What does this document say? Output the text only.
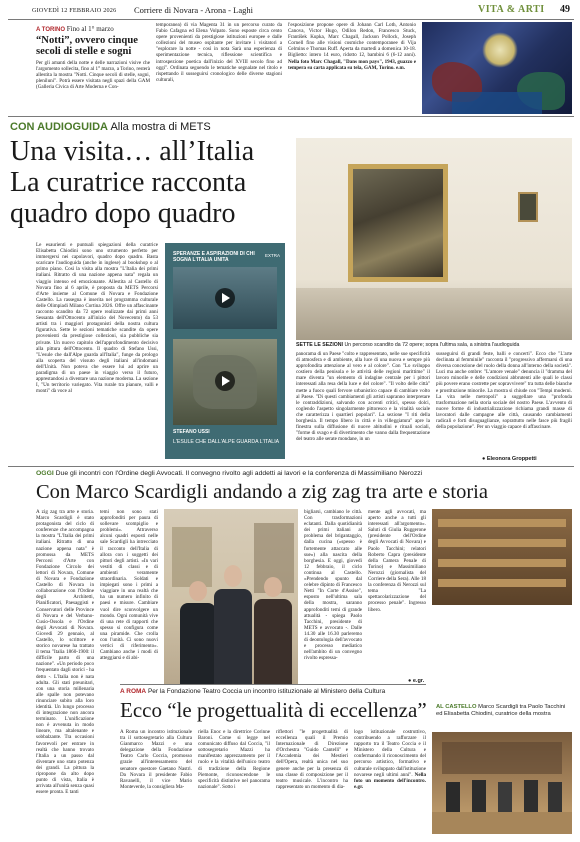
GIOVEDÌ 12 FEBBRAIO 2026 Corriere di Novara - Arona - Laghi	VITA & ARTI 49
A TORINO Fino al 1° marzo
“Notti”, ovvero cinque secoli di stelle e sogni
Per gli amanti della notte e delle narrazioni visive che l'argomento sollecita, fino al 1° marzo, a Torino, resterà allestita la mostra "Notti. Cinque secoli di stelle, sogni, pleniluni". Potrà essere visitata negli spazi della GAM (Galleria Civica di Arte Moderna e Con-
temporanea) di via Magenta 31 in un percorso curato da Fabio Cafagna ed Elena Volpato. Sono esposte circa cento opere provenienti da prestigiose istituzioni europee e dalle collezioni del museo ospitante per invitare i visitatori a "esplorare la notte - così in nota Sarà una esperienza di sperimentazione tecnica, riflessione scientifica e introspezione poetica dall'inizio del XVIII secolo fino ad oggi". Ordinata seguendo le tematiche segnalate nel titolo e rispettando il susseguirsi cronologico delle diverse stagioni culturali,
l'esposizione propone opere di Johann Carl Loth, Antonio Canova, Victor Hugo, Odilon Redon, Francesco Stuck, František Kupka, Marc Chagall, Jackson Pollock, Joseph Cornell fino alle visioni cosmiche contemporanee di Vija Celmins e Thomas Ruff. Aperta da martedì a domenica 10-18. Biglietto: intero 14 euro, ridotto 12, bambini 6 (6-12 anni). Nella foto Marc Chagall, "Dans mon pays", 1943, guazzo e tempera su carta applicata su tela, GAM, Torino. e.m.
CON AUDIOGUIDA Alla mostra di METS
Una visita… all’Italia
La curatrice racconta
quadro dopo quadro
Le esaurienti e puntuali spiegazioni della curatrice Elisabetta Chiodini sono uno strumento perfetto per immergersi nei capolavori, quadro dopo quadro. Basta scaricare l'audioguida (anche in inglese) al bookshop o al primo piano. Così la visita alla mostra "L'Italia dei primi italiani. Ritratto di una nazione appena nata" regala un viaggio intenso ed emozionante. Allestita al Castello di Novara fino al 6 aprile, è proposta da METS Percorsi d'Arte insieme al Comune di Novara e Fondazione Castello. La rassegna è inserita nel programma culturale delle Olimpiadi Milano Cortina 2026. Offre un affascinante racconto scandito da 72 opere realizzate dai primi anni Sessanta dell'Ottocento all'inizio del Novecento) da 53 artisti tra i maggiori protagonisti della nostra cultura figurativa. Sette le sezioni tematiche scandite da opere provenienti da prestigiose collezioni, sia pubbliche sia private. Un nuovo capitolo dell'approfondimento decisivo alla pittura dell'Ottocento. Il quadro di Stefano Ussi, "L'esule che dall'Alpe guarda all'Italia", funge da prologo alla scoperta del vissuto degli italiani all'indomani dell'Unità. Non poteva che essere lui ad aprire un paradigma di un paese in viaggio verso il futuro, apprestandosi a diventare una nazione moderna. La sezione I, "Un territorio variegato. Vita rurale tra pianure, valli e monti" dà voce al
SPERANZE E ASPIRAZIONI DI CHI SOGNA L'ITALIA UNITA
EXTRA
STEFANO USSI
L'ESULE CHE DALL'ALPE GUARDA L'ITALIA
SETTE LE SEZIONI Un percorso scandito da 72 opere; sopra l'ultima sala, a sinistra l'audioguida
panorama di un Paese "colto e rappresentato, nelle sue specificità di atmosfera e di ambiente, alla luce di una nuova e sempre più approfondita attenzione al vero e al colore". Con "Lo sviluppo costiero della penisola e le attività delle regioni marittime" il mare diventa "un elemento di indagine centrale per i pittori interessati alla resa della luce e del colore". "Il volto delle città" mette a fuoco quali fervore urbanistico capace di cambiare volto al Paese. "Di questi cambiamenti gli artisti sapranno interpretare le contraddizioni, salvando con accenti critici, spesso dolci, coglendo l'aspetto singolarmente pittoresco e la vitalità sociale che caratterizza i quartieri popolari". La sezione "I riti della borghesia. Il tempo libero in città e in villeggiatura" apre la finestra sulla diffusione di nuove abitudini e rituali sociali, "forme di svago e di divertimento che vanno dalla frequentazione del teatro alle serate mondane, in un
susseguirsi di grandi feste, balli e concerti". Ecco che "L'arte declinata al femminile" racconta il "progressivo affermarsi di una diversa concezione del ruolo della donna all'interno della società". Luci ma anche ombre: "L'amore venale" denuncia il "dramma del lavoro minorile e delle condizioni abbrutenti alle quali le classi più povere erano costrette per sopravvivere" tra tutta delle bianche e prostituzione minorile. La mostra si chiude con "Tempi moderni. La vita nelle metropoli" a suggellare una "profonda trasformazione nella storia sociale del nostro Paese. L'avvento di nuove forme di industrializzazione richiama grandi masse di lavoratori dalle campagne alle città, causando cambiamenti radicali e forti disuguaglianze, soprattutto nelle fasce più fragili della popolazione". Per un viaggio capace di affascinare.
● Eleonora Groppetti
OGGI Due gli incontri con l'Ordine degli Avvocati. Il convegno rivolto agli addetti ai lavori e la conferenza di Massimiliano Nerozzi
Con Marco Scardigli andando a zig zag tra arte e storia
A zig zag tra arte e storia. Marco Scardigli è stato protagonista del ciclo di conferenze che accompagna la mostra "L'Italia dei primi italiani. Ritratto di una nazione appena nata" è promossa da METS Percorsi d'Arte con Fondazione Circolo dei lettori di Novara, Comune di Novara e Fondazione Castello di Novara in collaborazione con l'Ordine degli Architetti, Pianificatori, Paesaggisti e Conservatori delle Province di Novara e del Verbano-Cusio-Ossola e l'Ordine degli Avvocati di Novara. Giovedì 29 gennaio, al Castello, lo scrittore e storico novarese ha trattato il tema "Italia 1860-1900: il difficile parto di una nazione". «Un periodo poco frequentato dagli storici - ha detto -. L'Italia non è nata adulta. Gli stati preunitari, con una storia millenaria alle spalle non potevano rinunciare subito alla loro identità. Un lungo processo di integrazione non ancora terminato. L'unificazione non è avvenuta in modo lineare, ma altalenante e sobbalzante. Tra occasioni favorevoli per entrare in realtà che hanno trovato l'Italia a un passo dal diventare uno stato potenza dei grandi. La pittura la ripropone da alto dopo punto di vista, Italia è arrivata all'unità senza quasi essere pronta. E tanti
temi non sono stati approfonditi per paura di sollevare scompiglio e problemi». Attraverso alcuni quadri esposti nelle sale Scardigli ha intrecciato il racconto dell'Italia di allora con i soggetti dei pittori degli artisti. «In vari vestiti di classi e di ambienti veramente straordinaria. Soldati e impiegati sono i primi a viaggiare in una realtà che ha un numero infinito di paesi e misure. Cambiare vuol dire sconvolgere un mondo. Ogni comunità vive di una rete di rapporti che spesso si configura come una piramide. Che crolla con l'unità. Ci sono nuovi vertici di riferimento». Cambiano anche i modi di atteggiarsi e di abi-
bigliarsi, cambiano le città. Con trasformazioni eclatanti. Dalla quotidianità dei primi italiani al problema del brigantaggio, dalla cucina («spesso è fortemente attaccato alle sue») alla nascita della borghesia. E oggi, giovedì 12 febbraio, il ciclo continua al Castello. «Prendendo spunto dal celebre dipinto di Francesco Netti "In Corte d'Assise", esposto nell'ultima sala della mostra, saranno approfonditi temi di grande attualità - spiega Paolo Tacchini, presidente di METS e avvocato -. Dalle 14.30 alle 16.30 parleremo di deontologia dell'avvocato e processo mediatico nell'ambito di un convegno rivolto espressa-
mente agli avvocati, ma aperto anche a tutti gli interessati all'argomento». Saluti di Giulia Ruggerone (presidente dell'Ordine degli Avvocati di Novara) e Paolo Tacchini; relatori Roberto Capra (presidente della Camera Penale di Torino) e Massimiliano Nerozzi (giornalista del Corriere della Sera). Alle 18 la conferenza di Nerozzi sul tema "La spettacolarizzazione del processo penale". Ingresso libero.
● e.gr.
AL CASTELLO Marco Scardigli tra Paolo Tacchini ed Elisabetta Chiodini, curatrice della mostra
A ROMA Per la Fondazione Teatro Coccia un incontro istituzionale al Ministero della Cultura
Ecco “le progettualità di eccellenza”
A Roma un incontro istituzionale tra il sottosegretario alla Cultura Gianmarco Mazzi e una delegazione della Fondazione Teatro Carlo Coccia, promosso grazie all'interessamento del senatore questore Gaetano Nastri. Da Novara il presidente Fabio Ravanelli, il vice Mario Monteverde, la consigliera Ma-
riella Enoc e la direttrice Corinne Baroni. Come si legge nel comunicato diffuso dal Coccia, "il sottosegretario Mazzi ha manifestato apprezzamento per il ruolo e la vitalità dell'unico teatro di tradizione della Regione Piemonte, riconoscendone le specificità distintive nel panorama nazionale". Sotto i
riflettori "le progettualità di eccellenza quali il Premio Internazionale di Direzione d'Orchestra "Guido Cantelli" e l'Accademia dei Mestieri dell'Opera, realtà unica nel suo genere anche per la presenza di una classe di composizione per il teatro musicale. L'incontro ha rappresentato un momento di dia-
logo istituzionale costruttivo, contribuendo a rafforzare il rapporto tra il Teatro Coccia e il Ministero della Cultura e confermando il riconoscimento del percorso artistico, formativo e culturale sviluppato dall'istituzione novarese negli ultimi anni". Nella foto un momento dell'incontro. e.gr.
